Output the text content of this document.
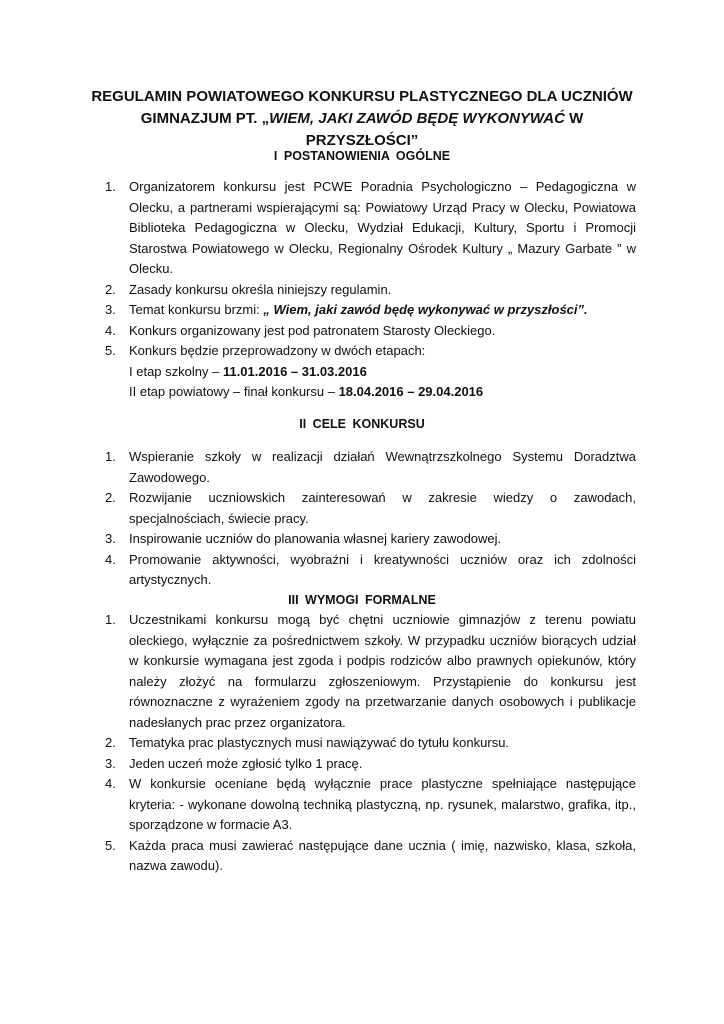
REGULAMIN POWIATOWEGO KONKURSU PLASTYCZNEGO DLA UCZNIÓW
GIMNAZJUM PT. „WIEM, JAKI ZAWÓD BĘDĘ WYKONYWAĆ W PRZYSZŁOŚCI”
I POSTANOWIENIA OGÓLNE
1. Organizatorem konkursu jest PCWE Poradnia Psychologiczno – Pedagogiczna w Olecku, a partnerami wspierającymi są: Powiatowy Urząd Pracy w Olecku, Powiatowa Biblioteka Pedagogiczna w Olecku, Wydział Edukacji, Kultury, Sportu i Promocji Starostwa Powiatowego w Olecku, Regionalny Ośrodek Kultury „ Mazury Garbate ” w Olecku.
2. Zasady konkursu określa niniejszy regulamin.
3. Temat konkursu brzmi: „ Wiem, jaki zawód będę wykonywać w przyszłości”.
4. Konkurs organizowany jest pod patronatem Starosty Oleckiego.
5. Konkurs będzie przeprowadzony w dwóch etapach:
I etap szkolny – 11.01.2016 – 31.03.2016
II etap powiatowy – finał konkursu – 18.04.2016 – 29.04.2016
II CELE KONKURSU
1. Wspieranie szkoły w realizacji działań Wewnątrzszkolnego Systemu Doradztwa Zawodowego.
2. Rozwijanie uczniowskich zainteresowań w zakresie wiedzy o zawodach, specjalnościach, świecie pracy.
3. Inspirowanie uczniów do planowania własnej kariery zawodowej.
4. Promowanie aktywności, wyobraźni i kreatywności uczniów oraz ich zdolności artystycznych.
III WYMOGI FORMALNE
1. Uczestnikami konkursu mogą być chętni uczniowie gimnazjów z terenu powiatu oleckiego, wyłącznie za pośrednictwem szkoły. W przypadku uczniów biorących udział w konkursie wymagana jest zgoda i podpis rodziców albo prawnych opiekunów, który należy złożyć na formularzu zgłoszeniowym. Przystąpienie do konkursu jest równoznaczne z wyrażeniem zgody na przetwarzanie danych osobowych i publikacje nadesłanych prac przez organizatora.
2. Tematyka prac plastycznych musi nawiązywać do tytułu konkursu.
3. Jeden uczeń może zgłosić tylko 1 pracę.
4. W konkursie oceniane będą wyłącznie prace plastyczne spełniające następujące kryteria: - wykonane dowolną techniką plastyczną, np. rysunek, malarstwo, grafika, itp., sporządzone w formacie A3.
5. Każda praca musi zawierać następujące dane ucznia ( imię, nazwisko, klasa, szkoła, nazwa zawodu).
